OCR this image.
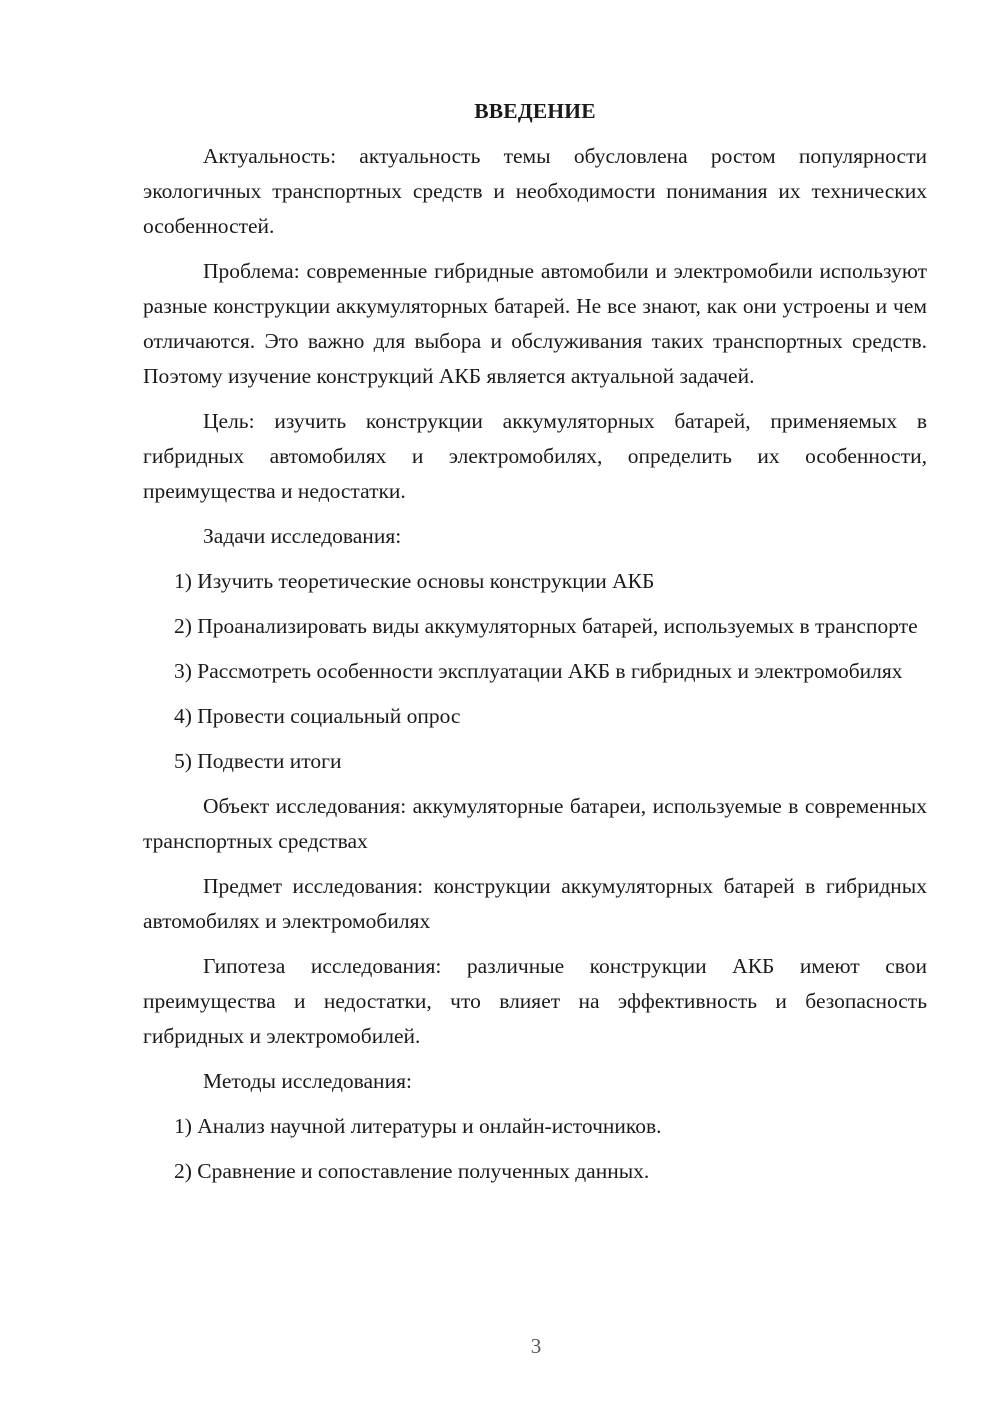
ВВЕДЕНИЕ

Актуальность: актуальность темы обусловлена ростом популярности экологичных транспортных средств и необходимости понимания их технических особенностей.

Проблема: современные гибридные автомобили и электромобили используют разные конструкции аккумуляторных батарей. Не все знают, как они устроены и чем отличаются. Это важно для выбора и обслуживания таких транспортных средств. Поэтому изучение конструкций АКБ является актуальной задачей.

Цель: изучить конструкции аккумуляторных батарей, применяемых в гибридных автомобилях и электромобилях, определить их особенности, преимущества и недостатки.

Задачи исследования:

1) Изучить теоретические основы конструкции АКБ

2) Проанализировать виды аккумуляторных батарей, используемых в транспорте

3) Рассмотреть особенности эксплуатации АКБ в гибридных и электромобилях

4) Провести социальный опрос

5) Подвести итоги

Объект исследования: аккумуляторные батареи, используемые в современных транспортных средствах

Предмет исследования: конструкции аккумуляторных батарей в гибридных автомобилях и электромобилях

Гипотеза исследования: различные конструкции АКБ имеют свои преимущества и недостатки, что влияет на эффективность и безопасность гибридных и электромобилей.

Методы исследования:

1) Анализ научной литературы и онлайн-источников.

2) Сравнение и сопоставление полученных данных.

3
